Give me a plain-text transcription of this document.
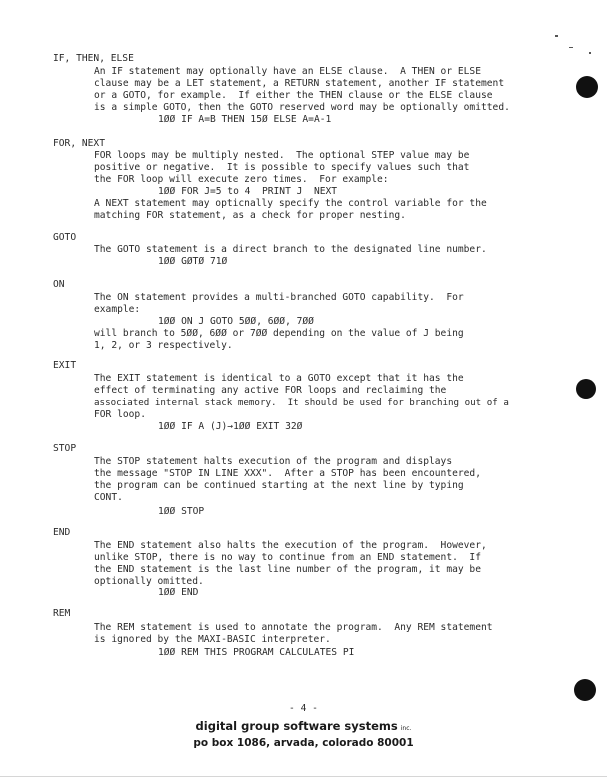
IF, THEN, ELSE
An IF statement may optionally have an ELSE clause.  A THEN or ELSE
clause may be a LET statement, a RETURN statement, another IF statement
or a GOTO, for example.  If either the THEN clause or the ELSE clause
is a simple GOTO, then the GOTO reserved word may be optionally omitted.
1ØØ IF A=B THEN 15Ø ELSE A=A-1
FOR, NEXT
FOR loops may be multiply nested.  The optional STEP value may be
positive or negative.  It is possible to specify values such that
the FOR loop will execute zero times.  For example:
1ØØ FOR J=5 to 4  PRINT J  NEXT
A NEXT statement may opticnally specify the control variable for the
matching FOR statement, as a check for proper nesting.
GOTO
The GOTO statement is a direct branch to the designated line number.
1ØØ GØTØ 71Ø
ON
The ON statement provides a multi-branched GOTO capability.  For
example:
1ØØ ON J GOTO 5ØØ, 6ØØ, 7ØØ
will branch to 5ØØ, 6ØØ or 7ØØ depending on the value of J being
1, 2, or 3 respectively.
EXIT
The EXIT statement is identical to a GOTO except that it has the
effect of terminating any active FOR loops and reclaiming the
associated internal stack memory.  It should be used for branching out of a
FOR loop.
1ØØ IF A (J)→1ØØ EXIT 32Ø
STOP
The STOP statement halts execution of the program and displays
the message "STOP IN LINE XXX".  After a STOP has been encountered,
the program can be continued starting at the next line by typing
CONT.
1ØØ STOP
END
The END statement also halts the execution of the program.  However,
unlike STOP, there is no way to continue from an END statement.  If
the END statement is the last line number of the program, it may be
optionally omitted.
1ØØ END
REM
The REM statement is used to annotate the program.  Any REM statement
is ignored by the MAXI-BASIC interpreter.
1ØØ REM THIS PROGRAM CALCULATES PI
- 4 -
digital group software systems inc.
po box 1086, arvada, colorado 80001
